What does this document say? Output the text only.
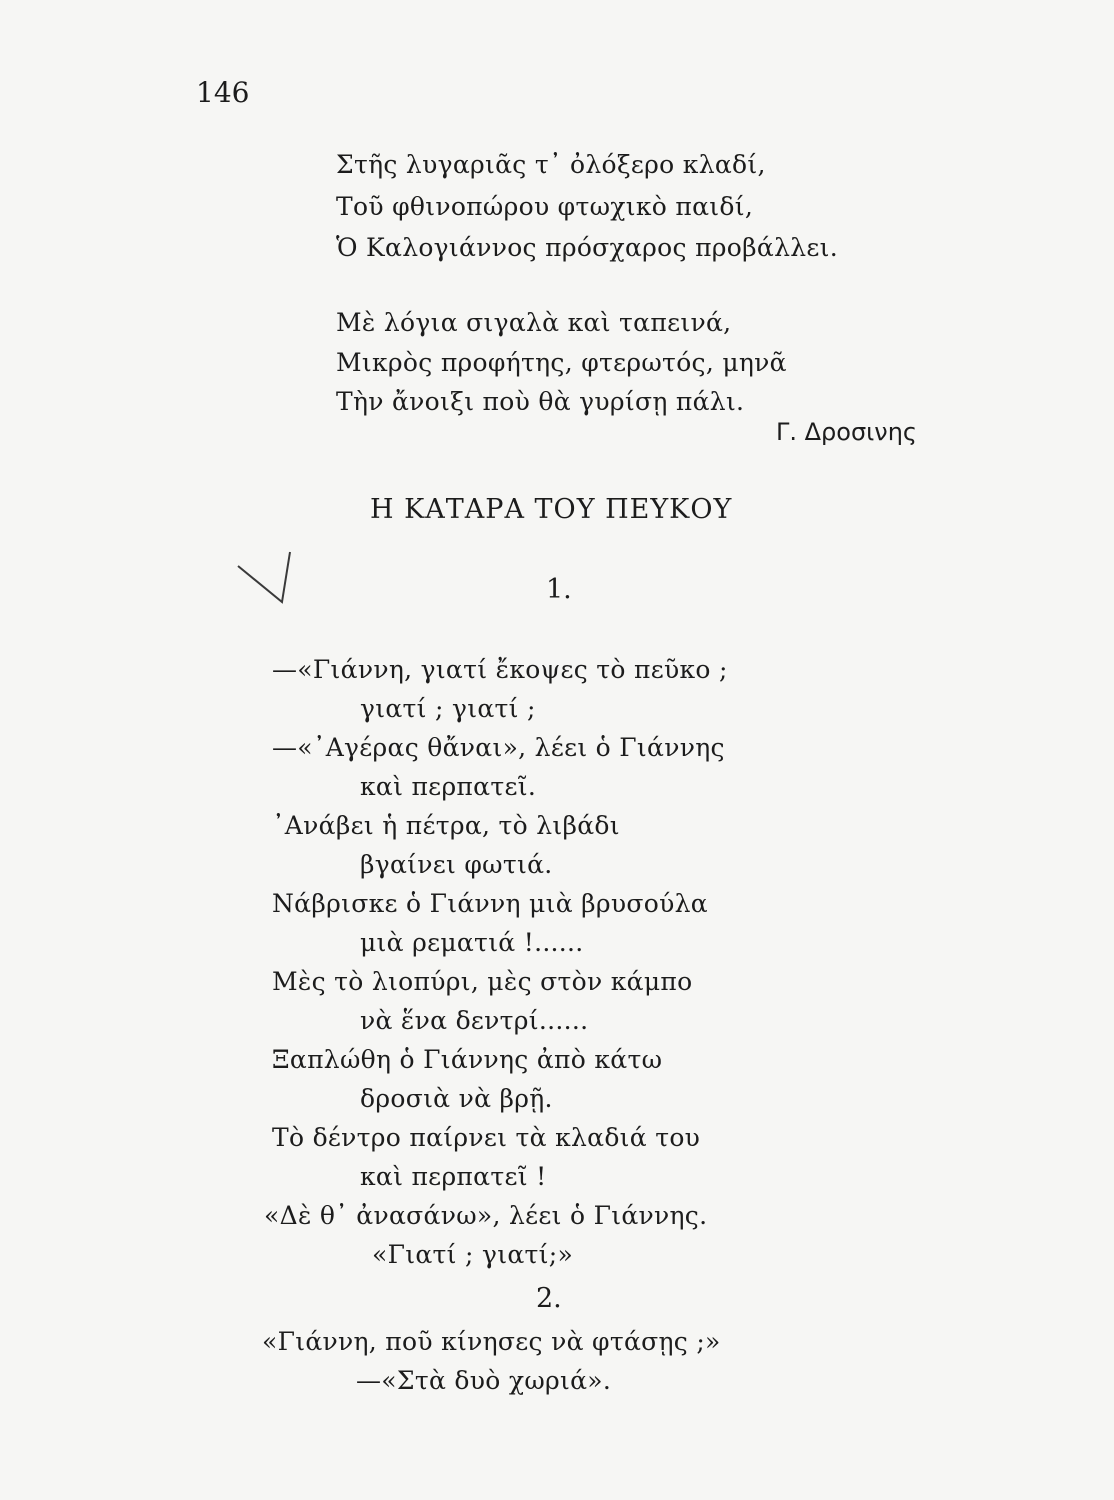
146
Στῆς λυγαριᾶς τ᾽ ὀλόξερο κλαδί,
Τοῦ φθινοπώρου φτωχικὸ παιδί,
Ὁ Καλογιάννος πρόσχαρος προβάλλει.
Μὲ λόγια σιγαλὰ καὶ ταπεινά,
Μικρὸς προφήτης, φτερωτός, μηνᾶ
Τὴν ἄνοιξι ποὺ θὰ γυρίσῃ πάλι.
Γ. Δροσινης
Η ΚΑΤΑΡΑ ΤΟΥ ΠΕΥΚΟΥ
1.
—«Γιάννη, γιατί ἔκοψες τὸ πεῦκο ;
γιατί ; γιατί ;
—«᾽Αγέρας θἄναι», λέει ὁ Γιάννης
καὶ περπατεῖ.
᾽Ανάβει ἡ πέτρα, τὸ λιβάδι
βγαίνει φωτιά.
Νάβρισκε ὁ Γιάννη μιὰ βρυσούλα
μιὰ ρεματιά !......
Μὲς τὸ λιοπύρι, μὲς στὸν κάμπο
νὰ ἕνα δεντρί......
Ξαπλώθη ὁ Γιάννης ἀπὸ κάτω
δροσιὰ νὰ βρῇ.
Τὸ δέντρο παίρνει τὰ κλαδιά του
καὶ περπατεῖ !
«Δὲ θ᾽ ἀνασάνω», λέει ὁ Γιάννης.
«Γιατί ; γιατί;»
2.
«Γιάννη, ποῦ κίνησες νὰ φτάσῃς ;»
—«Στὰ δυὸ χωριά».
